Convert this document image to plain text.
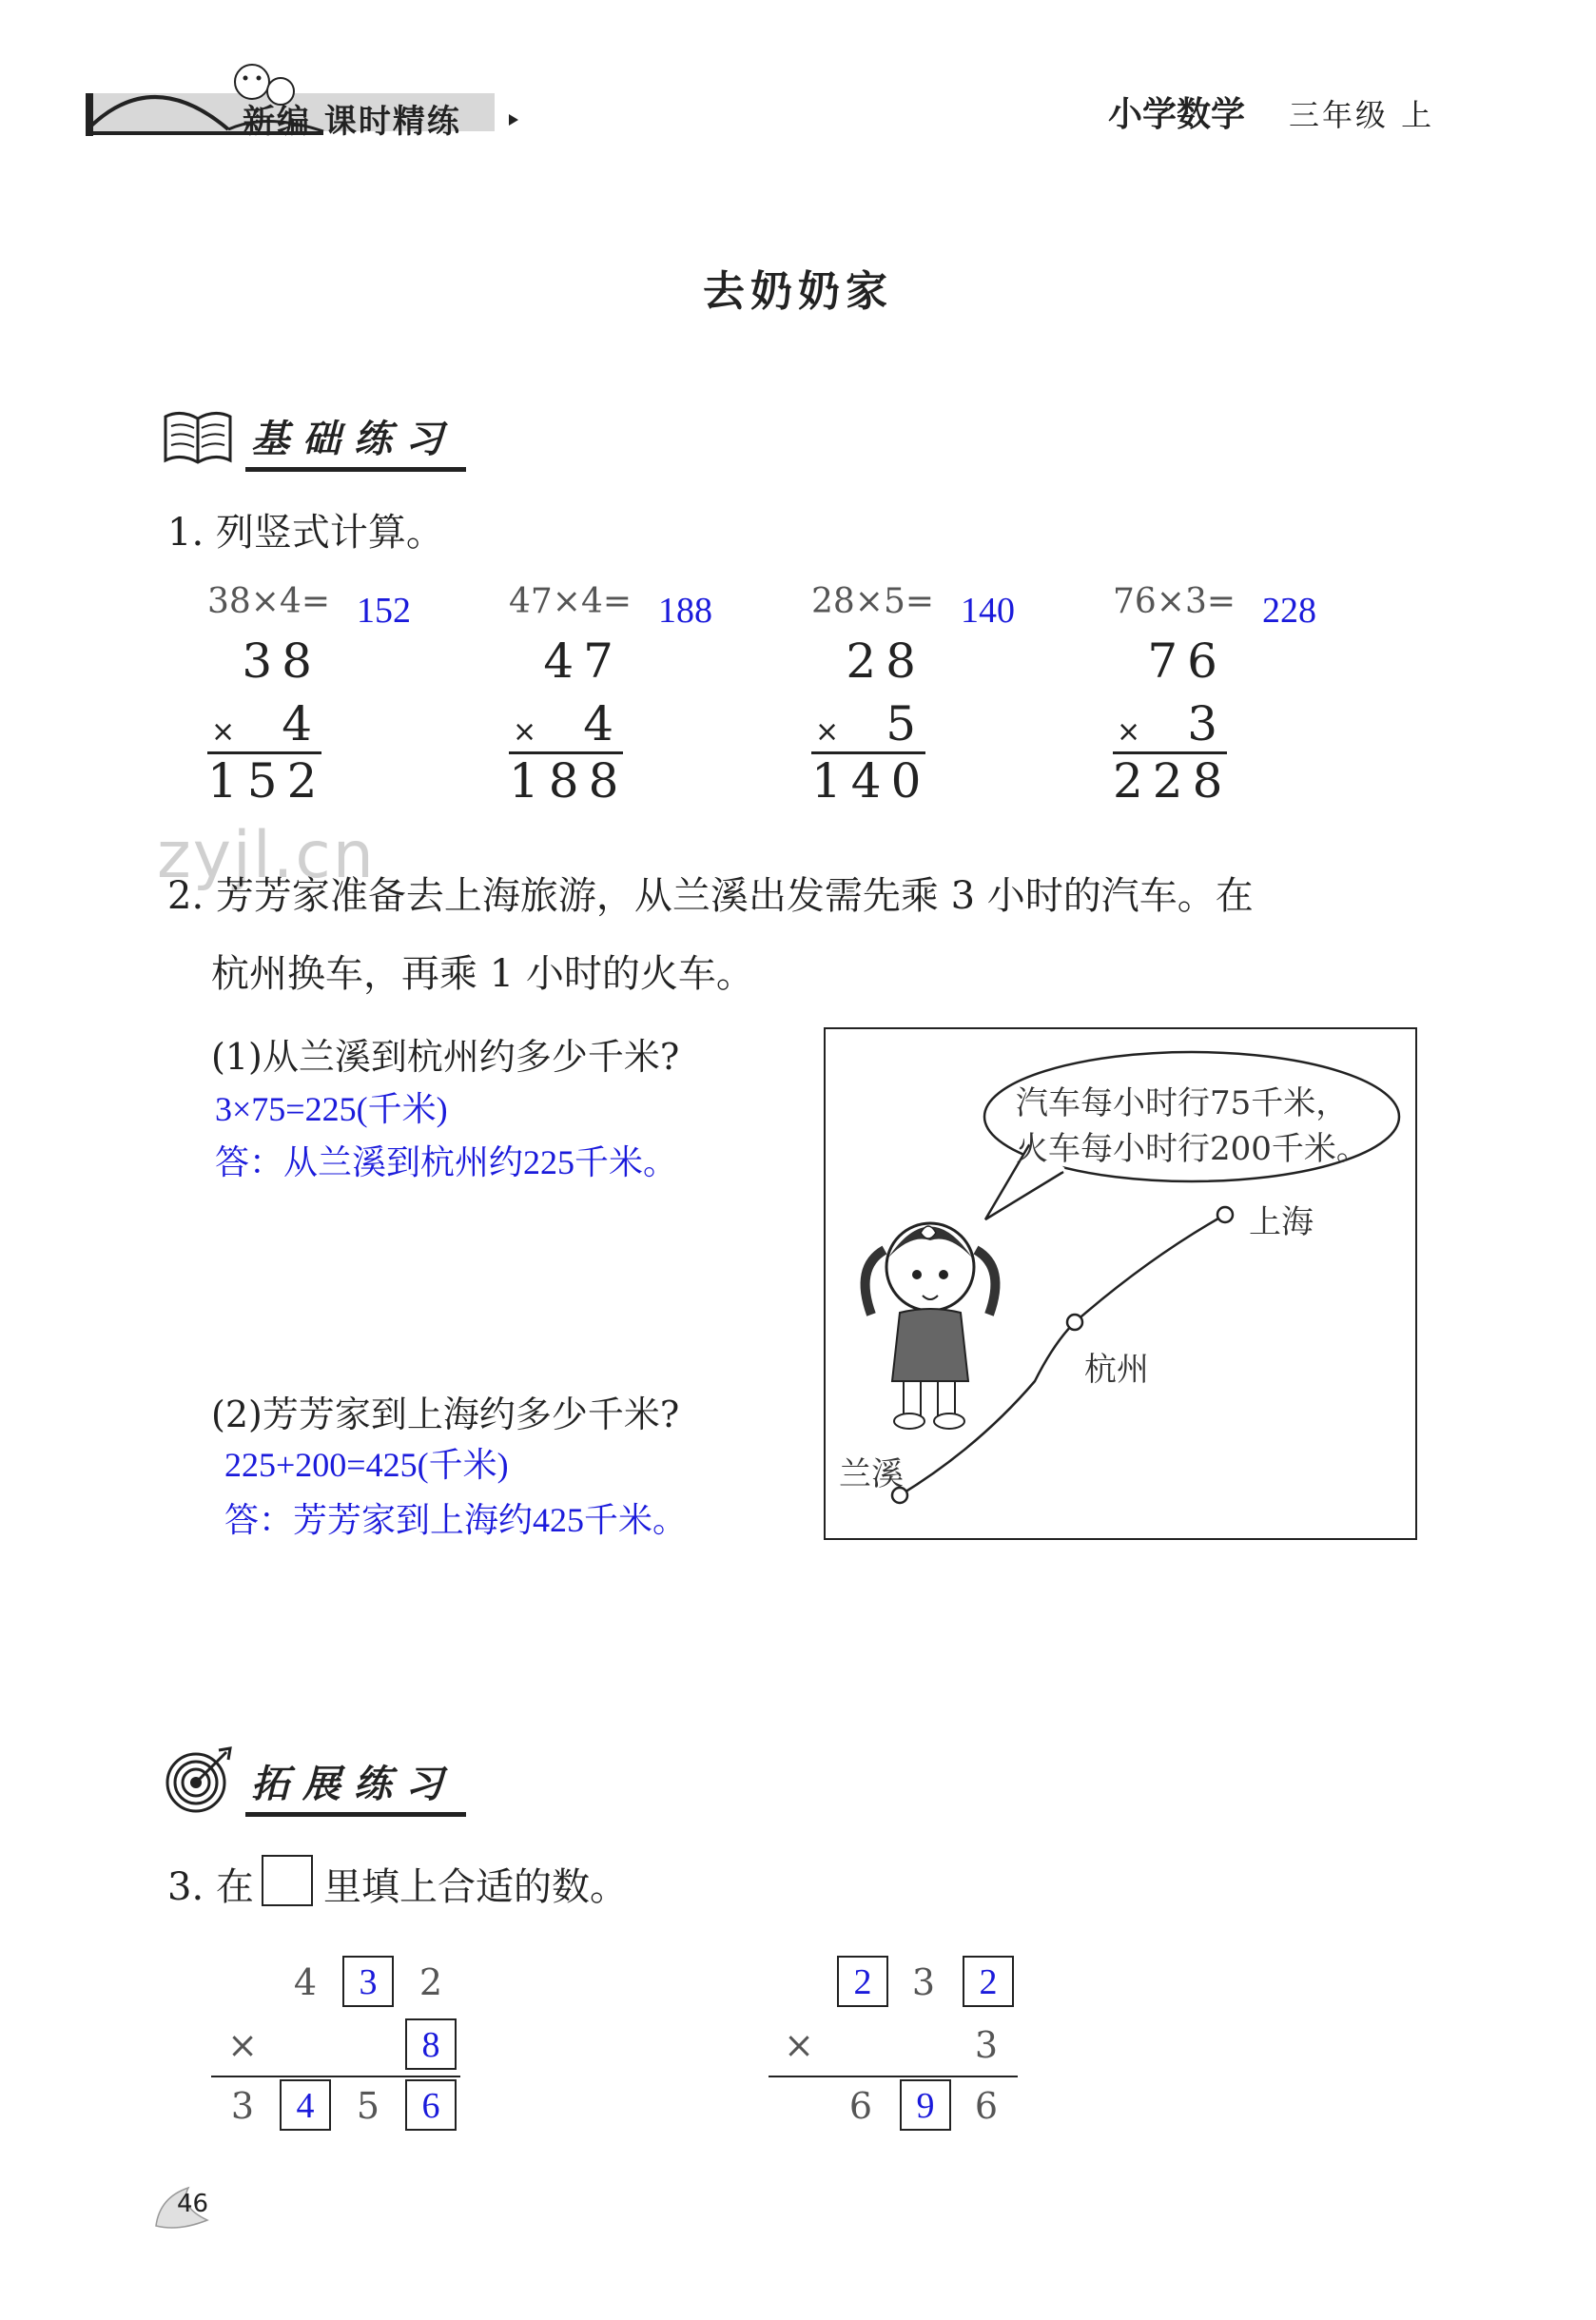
新编 课时精练	小学数学 三年级 上
去奶奶家
基础练习
1. 列竖式计算。
38×4= 152
38
× 4
152
47×4= 188
47
× 4
188
28×5= 140
28
× 5
140
76×3= 228
76
× 3
228
zyjl.cn
2. 芳芳家准备去上海旅游，从兰溪出发需先乘 3 小时的汽车。在
杭州换车，再乘 1 小时的火车。
(1)从兰溪到杭州约多少千米?
3×75=225(千米)
答：从兰溪到杭州约225千米。
(2)芳芳家到上海约多少千米?
225+200=425(千米)
答：芳芳家到上海约425千米。
汽车每小时行75千米，
火车每小时行200千米。
上海
杭州
兰溪
拓展练习
3. 在 里填上合适的数。
4	3	2
×	8
3	4	5	6
2	3	2
×	3
6	9	6
46
